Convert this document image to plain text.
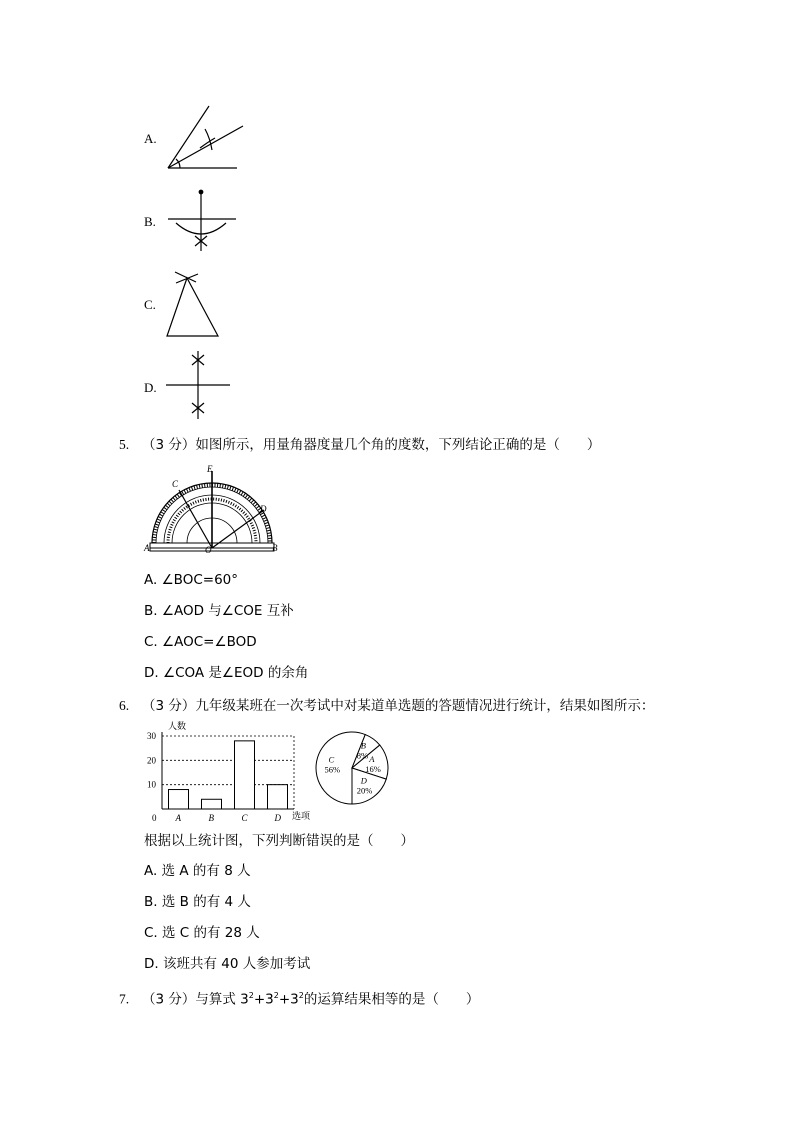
A.
B.
C.
D.
5. （3 分）如图所示，用量角器度量几个角的度数，下列结论正确的是（　　）
E
C
D
A	B
O
A. ∠BOC=60°
B. ∠AOD 与∠COE 互补
C. ∠AOC=∠BOD
D. ∠COA 是∠EOD 的余角
6. （3 分）九年级某班在一次考试中对某道单选题的答题情况进行统计，结果如图所示：
0
10
20
30
A	B	C	D
人数
选项
C
56%
B
8% A
16%
D
20%
根据以上统计图，下列判断错误的是（　　）
A. 选 A 的有 8 人
B. 选 B 的有 4 人
C. 选 C 的有 28 人
D. 该班共有 40 人参加考试
7. （3 分）与算式 $3^2+3^2+3^2$的运算结果相等的是（　　）
